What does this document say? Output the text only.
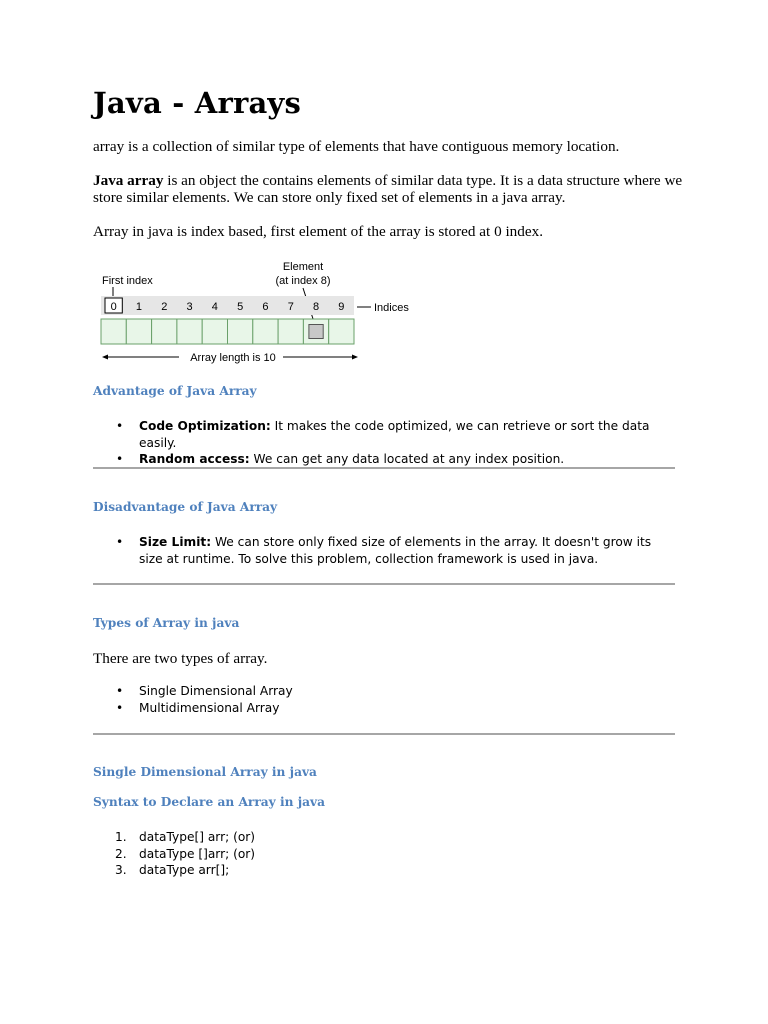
Java - Arrays

array is a collection of similar type of elements that have contiguous memory location.

Java array is an object the contains elements of similar data type. It is a data structure where we store similar elements. We can store only fixed set of elements in a java array.

Array in java is index based, first element of the array is stored at 0 index.

First index
Element
(at index 8)
0 1 2 3 4 5 6 7 8 9	Indices
Array length is 10
Advantage of Java Array
• Code Optimization: It makes the code optimized, we can retrieve or sort the data easily.
• Random access: We can get any data located at any index position.
Disadvantage of Java Array
• Size Limit: We can store only fixed size of elements in the array. It doesn't grow its size at runtime. To solve this problem, collection framework is used in java.
Types of Array in java

There are two types of array.

• Single Dimensional Array
• Multidimensional Array
Single Dimensional Array in java
Syntax to Declare an Array in java
1. dataType[] arr; (or)
2. dataType []arr; (or)
3. dataType arr[];
